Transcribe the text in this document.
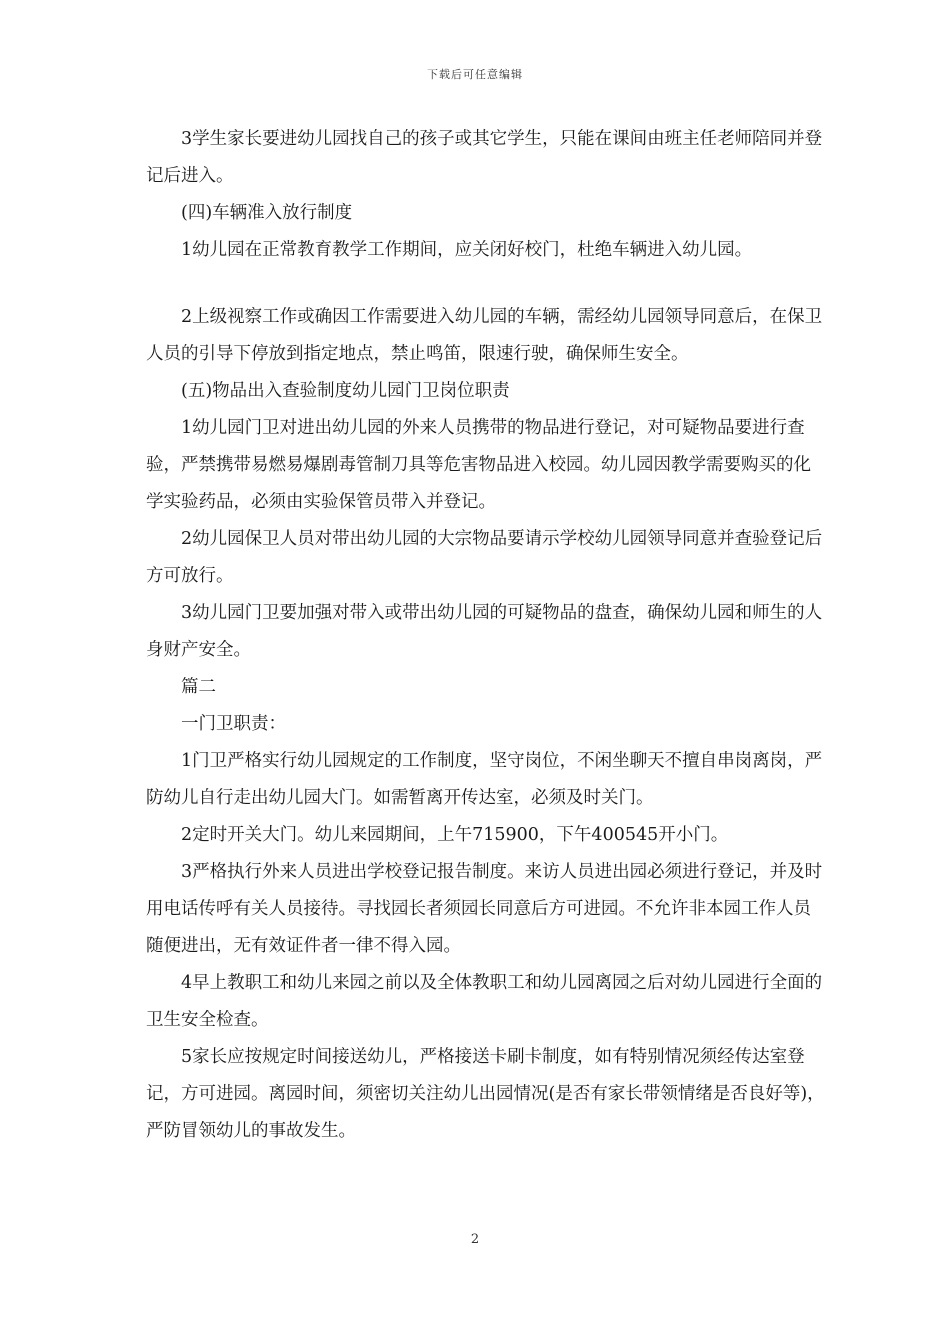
下载后可任意编辑

3学生家长要进幼儿园找自己的孩子或其它学生，只能在课间由班主任老师陪同并登记后进入。

(四)车辆准入放行制度

1幼儿园在正常教育教学工作期间，应关闭好校门，杜绝车辆进入幼儿园。

2上级视察工作或确因工作需要进入幼儿园的车辆，需经幼儿园领导同意后，在保卫人员的引导下停放到指定地点，禁止鸣笛，限速行驶，确保师生安全。

(五)物品出入查验制度幼儿园门卫岗位职责

1幼儿园门卫对进出幼儿园的外来人员携带的物品进行登记，对可疑物品要进行查验，严禁携带易燃易爆剧毒管制刀具等危害物品进入校园。幼儿园因教学需要购买的化学实验药品，必须由实验保管员带入并登记。

2幼儿园保卫人员对带出幼儿园的大宗物品要请示学校幼儿园领导同意并查验登记后方可放行。

3幼儿园门卫要加强对带入或带出幼儿园的可疑物品的盘查，确保幼儿园和师生的人身财产安全。

篇二

一门卫职责：

1门卫严格实行幼儿园规定的工作制度，坚守岗位，不闲坐聊天不擅自串岗离岗，严防幼儿自行走出幼儿园大门。如需暂离开传达室，必须及时关门。

2定时开关大门。幼儿来园期间，上午715900，下午400545开小门。

3严格执行外来人员进出学校登记报告制度。来访人员进出园必须进行登记，并及时用电话传呼有关人员接待。寻找园长者须园长同意后方可进园。不允许非本园工作人员随便进出，无有效证件者一律不得入园。

4早上教职工和幼儿来园之前以及全体教职工和幼儿园离园之后对幼儿园进行全面的卫生安全检查。

5家长应按规定时间接送幼儿，严格接送卡刷卡制度，如有特别情况须经传达室登记，方可进园。离园时间，须密切关注幼儿出园情况(是否有家长带领情绪是否良好等)，严防冒领幼儿的事故发生。

2
